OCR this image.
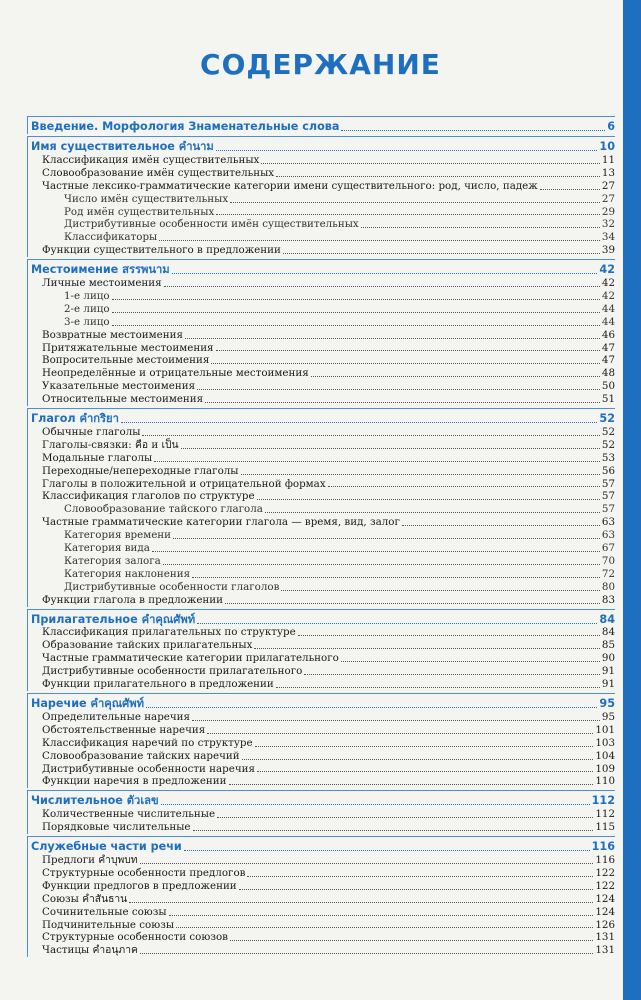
СОДЕРЖАНИЕ
Введение. Морфология Знаменательные слова	6
Имя существительное คำนาม	10
Классификация имён существительных	11
Словообразование имён существительных	13
Частные лексико-грамматические категории имени существительного: род, число, падеж	27
Число имён существительных	27
Род имён существительных	29
Дистрибутивные особенности имён существительных	32
Классификаторы	34
Функции существительного в предложении	39
Местоимение สรรพนาม	42
Личные местоимения	42
1-е лицо	42
2-е лицо	44
3-е лицо	44
Возвратные местоимения	46
Притяжательные местоимения	47
Вопросительные местоимения	47
Неопределённые и отрицательные местоимения	48
Указательные местоимения	50
Относительные местоимения	51
Глагол คำกริยา	52
Обычные глаголы	52
Глаголы-связки: คือ и เป็น	52
Модальные глаголы	53
Переходные/непереходные глаголы	56
Глаголы в положительной и отрицательной формах	57
Классификация глаголов по структуре	57
Словообразование тайского глагола	57
Частные грамматические категории глагола — время, вид, залог	63
Категория времени	63
Категория вида	67
Категория залога	70
Категория наклонения	72
Дистрибутивные особенности глаголов	80
Функции глагола в предложении	83
Прилагательное คำคุณศัพท์	84
Классификация прилагательных по структуре	84
Образование тайских прилагательных	85
Частные грамматические категории прилагательного	90
Дистрибутивные особенности прилагательного	91
Функции прилагательного в предложении	91
Наречие คำคุณศัพท์	95
Определительные наречия	95
Обстоятельственные наречия	101
Классификация наречий по структуре	103
Словообразование тайских наречий	104
Дистрибутивные особенности наречия	109
Функции наречия в предложении	110
Числительное ตัวเลข	112
Количественные числительные	112
Порядковые числительные	115
Служебные части речи	116
Предлоги คำบุพบท	116
Структурные особенности предлогов	122
Функции предлогов в предложении	122
Союзы คำสันธาน	124
Сочинительные союзы	124
Подчинительные союзы	126
Структурные особенности союзов	131
Частицы คำอนุภาค	131
